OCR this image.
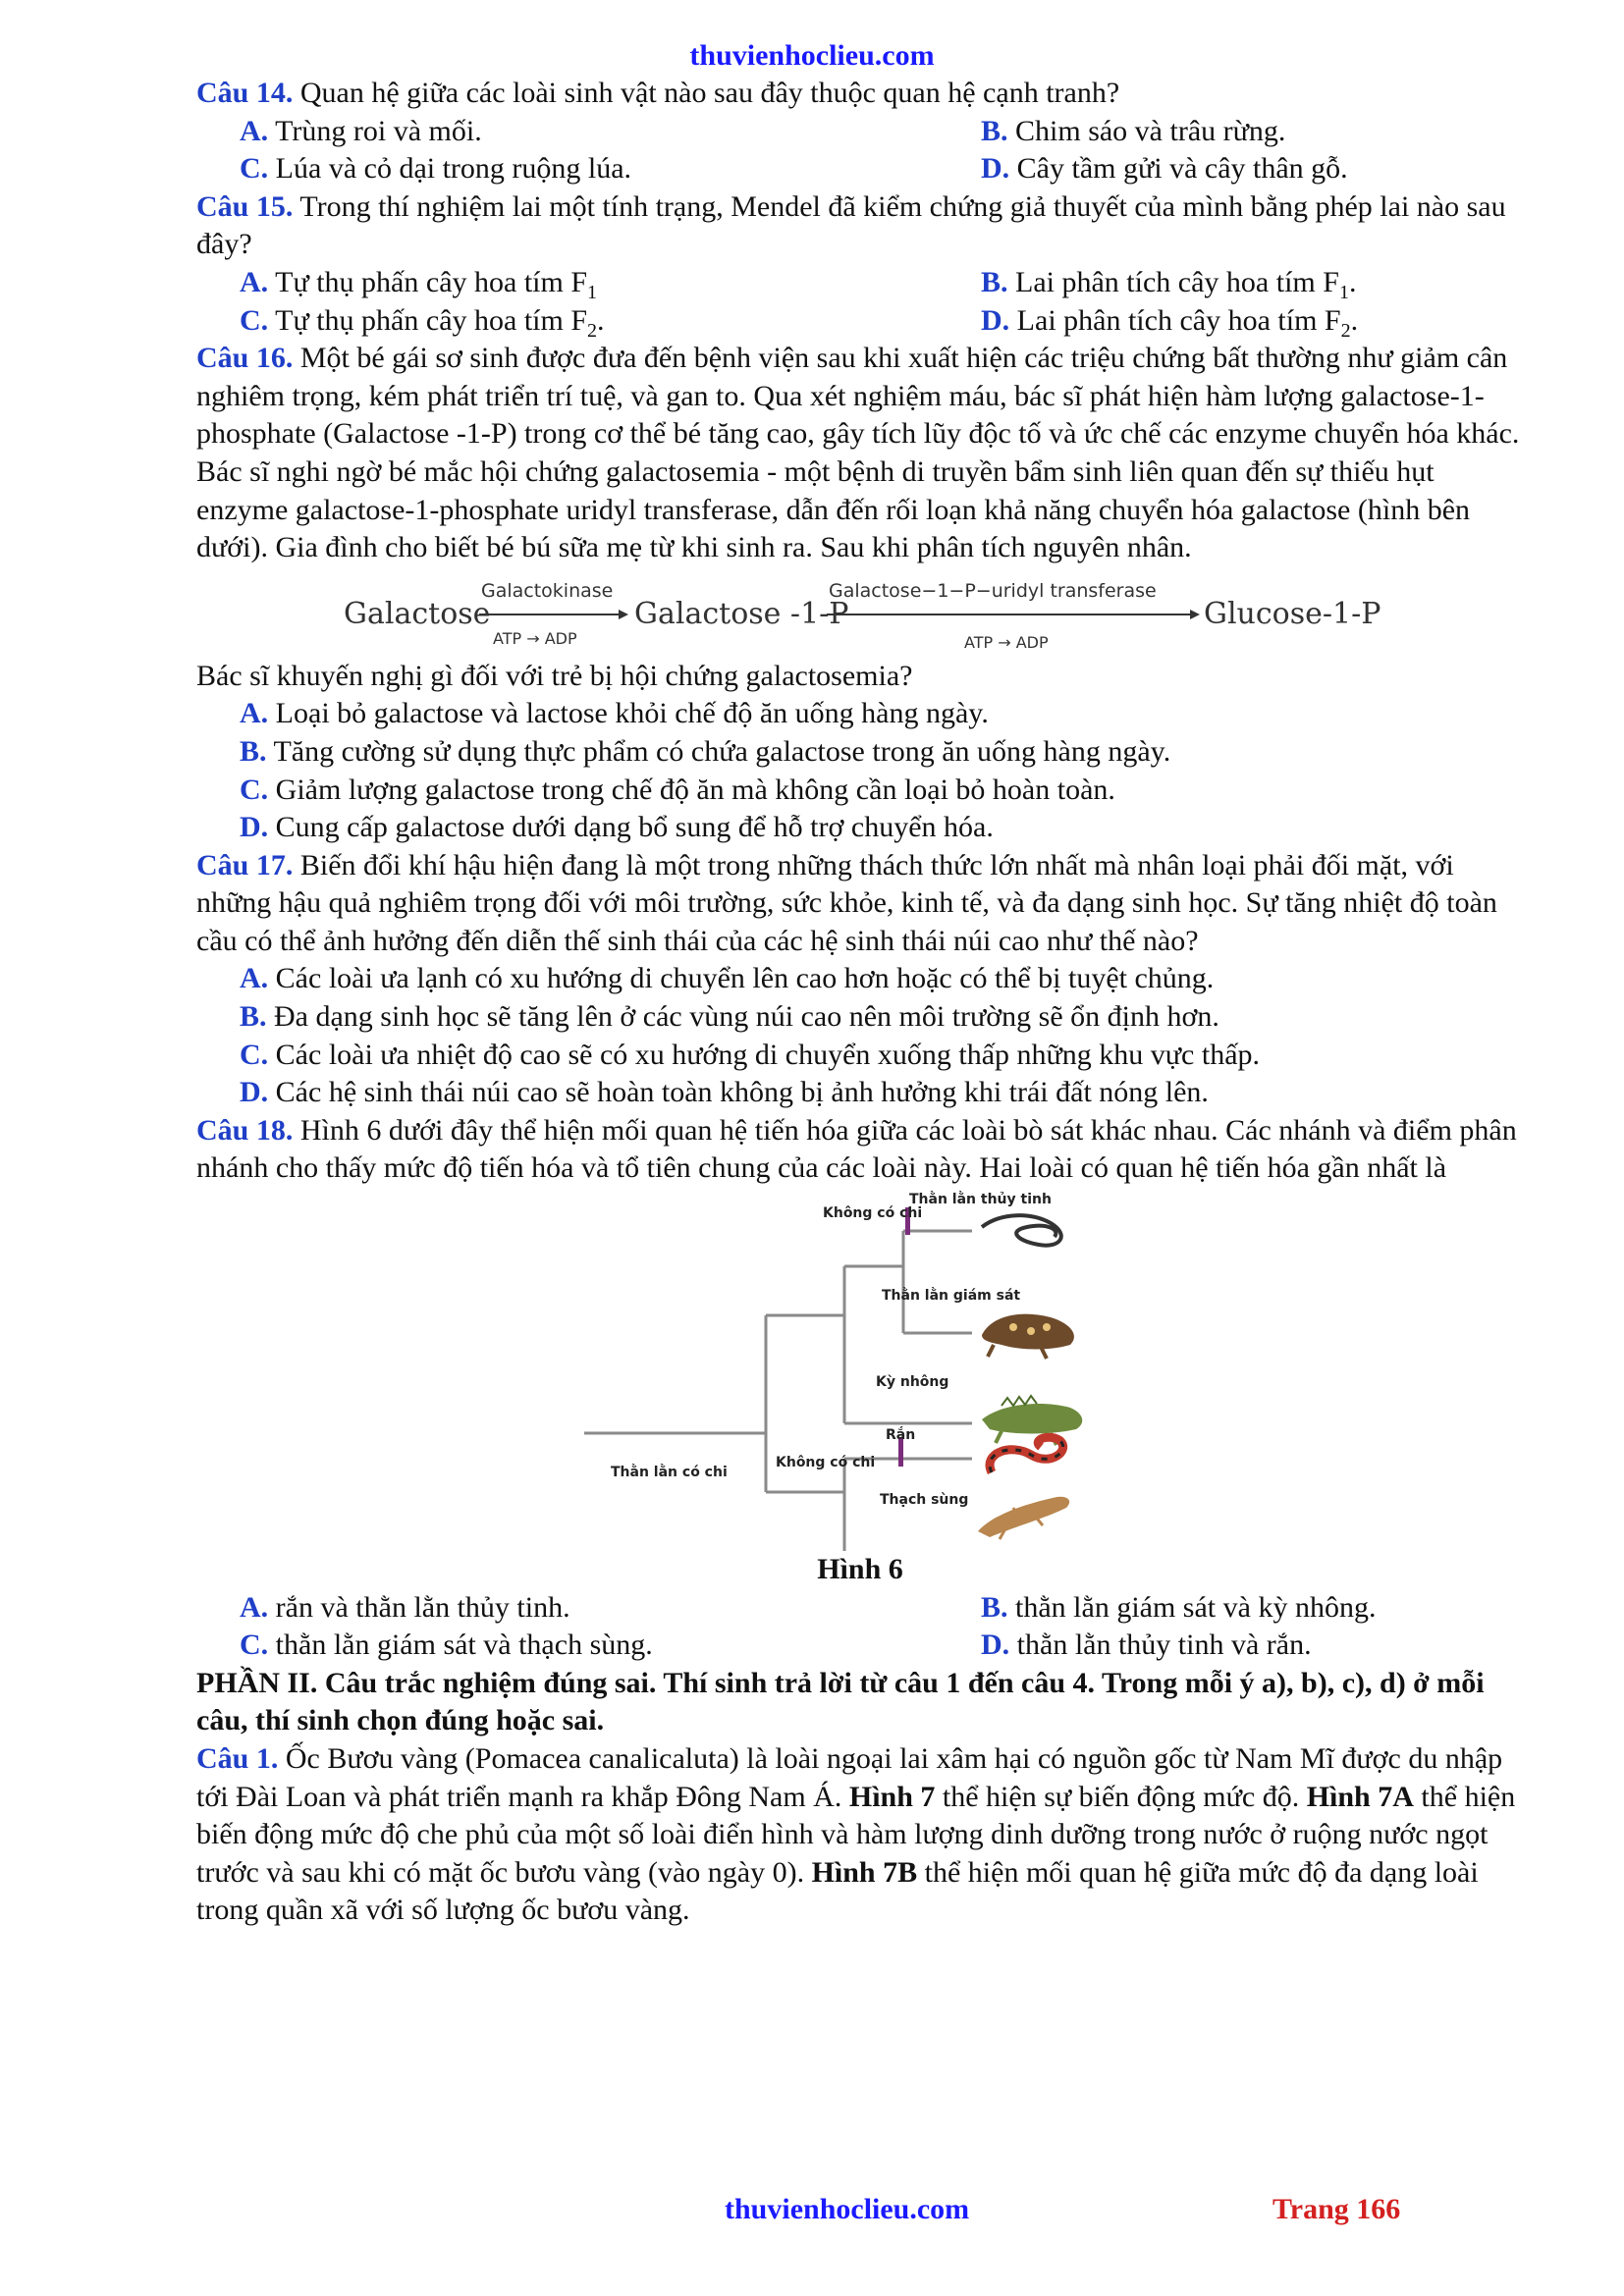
thuvienhoclieu.com

Câu 14. Quan hệ giữa các loài sinh vật nào sau đây thuộc quan hệ cạnh tranh?

A. Trùng roi và mối.	B. Chim sáo và trâu rừng.
C. Lúa và cỏ dại trong ruộng lúa.	D. Cây tầm gửi và cây thân gỗ.

Câu 15. Trong thí nghiệm lai một tính trạng, Mendel đã kiểm chứng giả thuyết của mình bằng phép lai nào sau đây?

A. Tự thụ phấn cây hoa tím $F_1$	B. Lai phân tích cây hoa tím $F_1$.
C. Tự thụ phấn cây hoa tím $F_2$.	D. Lai phân tích cây hoa tím $F_2$.

Câu 16. Một bé gái sơ sinh được đưa đến bệnh viện sau khi xuất hiện các triệu chứng bất thường như giảm cân nghiêm trọng, kém phát triển trí tuệ, và gan to. Qua xét nghiệm máu, bác sĩ phát hiện hàm lượng galactose-1-phosphate (Galactose -1-P) trong cơ thể bé tăng cao, gây tích lũy độc tố và ức chế các enzyme chuyển hóa khác. Bác sĩ nghi ngờ bé mắc hội chứng galactosemia - một bệnh di truyền bẩm sinh liên quan đến sự thiếu hụt enzyme galactose-1-phosphate uridyl transferase, dẫn đến rối loạn khả năng chuyển hóa galactose (hình bên dưới). Gia đình cho biết bé bú sữa mẹ từ khi sinh ra. Sau khi phân tích nguyên nhân.

Galactose
Galactokinase
ATP → ADP
Galactose -1-P
Galactose−1−P−uridyl transferase
ATP → ADP
Glucose-1-P

Bác sĩ khuyến nghị gì đối với trẻ bị hội chứng galactosemia?

A. Loại bỏ galactose và lactose khỏi chế độ ăn uống hàng ngày.
B. Tăng cường sử dụng thực phẩm có chứa galactose trong ăn uống hàng ngày.
C. Giảm lượng galactose trong chế độ ăn mà không cần loại bỏ hoàn toàn.
D. Cung cấp galactose dưới dạng bổ sung để hỗ trợ chuyển hóa.

Câu 17. Biến đổi khí hậu hiện đang là một trong những thách thức lớn nhất mà nhân loại phải đối mặt, với những hậu quả nghiêm trọng đối với môi trường, sức khỏe, kinh tế, và đa dạng sinh học. Sự tăng nhiệt độ toàn cầu có thể ảnh hưởng đến diễn thế sinh thái của các hệ sinh thái núi cao như thế nào?

A. Các loài ưa lạnh có xu hướng di chuyển lên cao hơn hoặc có thể bị tuyệt chủng.
B. Đa dạng sinh học sẽ tăng lên ở các vùng núi cao nên môi trường sẽ ổn định hơn.
C. Các loài ưa nhiệt độ cao sẽ có xu hướng di chuyển xuống thấp những khu vực thấp.
D. Các hệ sinh thái núi cao sẽ hoàn toàn không bị ảnh hưởng khi trái đất nóng lên.

Câu 18. Hình 6 dưới đây thể hiện mối quan hệ tiến hóa giữa các loài bò sát khác nhau. Các nhánh và điểm phân nhánh cho thấy mức độ tiến hóa và tổ tiên chung của các loài này. Hai loài có quan hệ tiến hóa gần nhất là

Thằn lằn có chi
Không có chi
Không có chi
Thằn lằn thủy tinh
Thằn lằn giám sát
Kỳ nhông
Rắn
Thạch sùng
Hình 6
A. rắn và thằn lằn thủy tinh.	B. thằn lằn giám sát và kỳ nhông.
C. thằn lằn giám sát và thạch sùng.	D. thằn lằn thủy tinh và rắn.

PHẦN II. Câu trắc nghiệm đúng sai. Thí sinh trả lời từ câu 1 đến câu 4. Trong mỗi ý a), b), c), d) ở mỗi câu, thí sinh chọn đúng hoặc sai.

Câu 1. Ốc Bươu vàng (Pomacea canalicaluta) là loài ngoại lai xâm hại có nguồn gốc từ Nam Mĩ được du nhập tới Đài Loan và phát triển mạnh ra khắp Đông Nam Á. Hình 7 thể hiện sự biến động mức độ. Hình 7A thể hiện biến động mức độ che phủ của một số loài điển hình và hàm lượng dinh dưỡng trong nước ở ruộng nước ngọt trước và sau khi có mặt ốc bươu vàng (vào ngày 0). Hình 7B thể hiện mối quan hệ giữa mức độ đa dạng loài trong quần xã với số lượng ốc bươu vàng.

thuvienhoclieu.com	Trang 166
